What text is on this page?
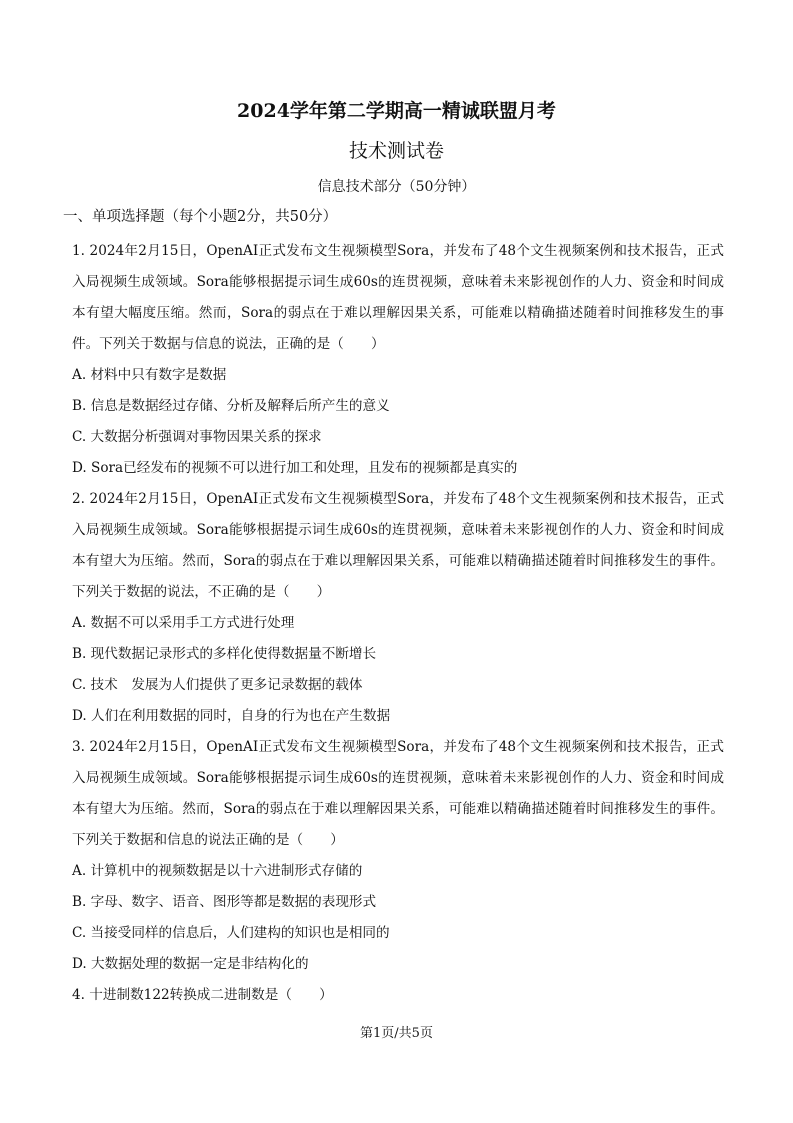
2024学年第二学期高一精诚联盟月考
技术测试卷
信息技术部分（50分钟）
一、单项选择题（每个小题2分，共50分）

1. 2024年2月15日，OpenAI正式发布文生视频模型Sora，并发布了48个文生视频案例和技术报告，正式入局视频生成领域。Sora能够根据提示词生成60s的连贯视频，意味着未来影视创作的人力、资金和时间成本有望大幅度压缩。然而，Sora的弱点在于难以理解因果关系，可能难以精确描述随着时间推移发生的事件。下列关于数据与信息的说法，正确的是（　　）

A. 材料中只有数字是数据

B. 信息是数据经过存储、分析及解释后所产生的意义

C. 大数据分析强调对事物因果关系的探求

D. Sora已经发布的视频不可以进行加工和处理，且发布的视频都是真实的

2. 2024年2月15日，OpenAI正式发布文生视频模型Sora，并发布了48个文生视频案例和技术报告，正式入局视频生成领域。Sora能够根据提示词生成60s的连贯视频，意味着未来影视创作的人力、资金和时间成本有望大为压缩。然而，Sora的弱点在于难以理解因果关系，可能难以精确描述随着时间推移发生的事件。下列关于数据的说法，不正确的是（　　）

A. 数据不可以采用手工方式进行处理

B. 现代数据记录形式的多样化使得数据量不断增长

C. 技术　发展为人们提供了更多记录数据的载体

D. 人们在利用数据的同时，自身的行为也在产生数据

3. 2024年2月15日，OpenAI正式发布文生视频模型Sora，并发布了48个文生视频案例和技术报告，正式入局视频生成领域。Sora能够根据提示词生成60s的连贯视频，意味着未来影视创作的人力、资金和时间成本有望大为压缩。然而，Sora的弱点在于难以理解因果关系，可能难以精确描述随着时间推移发生的事件。下列关于数据和信息的说法正确的是（　　）

A. 计算机中的视频数据是以十六进制形式存储的

B. 字母、数字、语音、图形等都是数据的表现形式

C. 当接受同样的信息后，人们建构的知识也是相同的

D. 大数据处理的数据一定是非结构化的

4. 十进制数122转换成二进制数是（　　）

第1页/共5页
